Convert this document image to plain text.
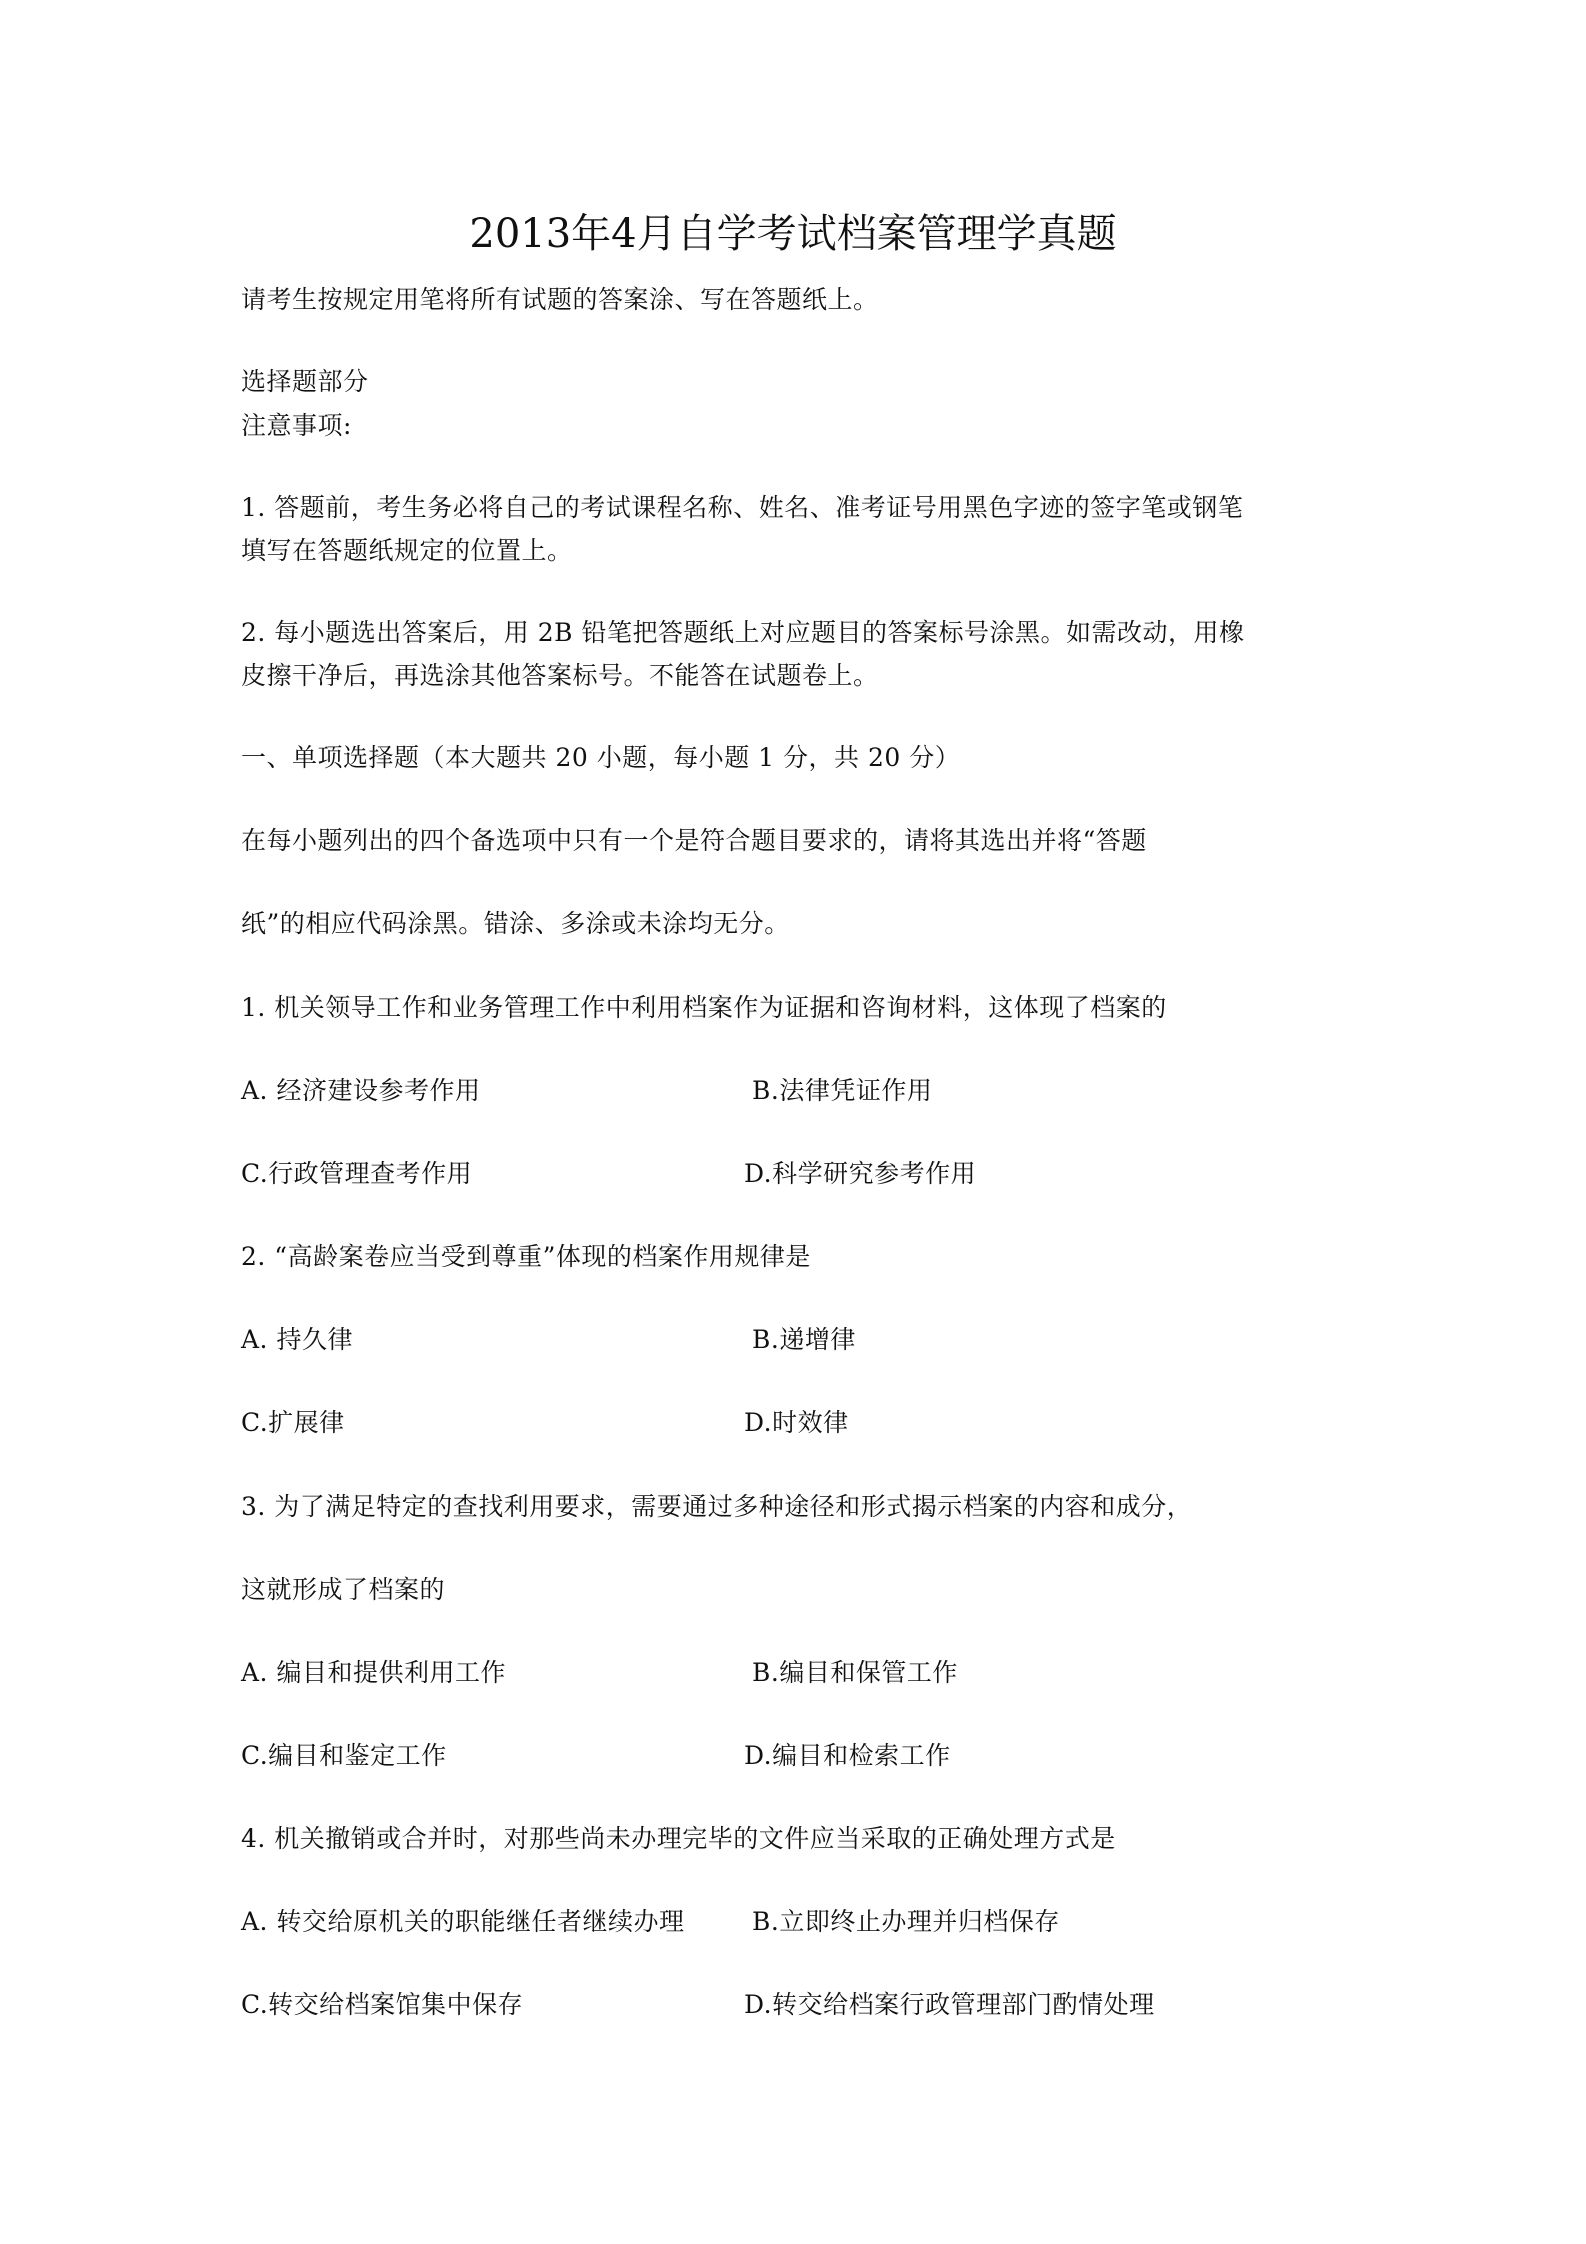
2013年4月自学考试档案管理学真题
请考生按规定用笔将所有试题的答案涂、写在答题纸上。
选择题部分
注意事项:
1. 答题前，考生务必将自己的考试课程名称、姓名、准考证号用黑色字迹的签字笔或钢笔
填写在答题纸规定的位置上。
2. 每小题选出答案后，用 2B 铅笔把答题纸上对应题目的答案标号涂黑。如需改动，用橡
皮擦干净后，再选涂其他答案标号。不能答在试题卷上。
一、单项选择题（本大题共 20 小题，每小题 1 分，共 20 分）
在每小题列出的四个备选项中只有一个是符合题目要求的，请将其选出并将“答题
纸”的相应代码涂黑。错涂、多涂或未涂均无分。
1. 机关领导工作和业务管理工作中利用档案作为证据和咨询材料，这体现了档案的
A. 经济建设参考作用	B.法律凭证作用
C.行政管理查考作用	D.科学研究参考作用
2. “高龄案卷应当受到尊重”体现的档案作用规律是
A. 持久律	B.递增律
C.扩展律	D.时效律
3. 为了满足特定的查找利用要求，需要通过多种途径和形式揭示档案的内容和成分，
这就形成了档案的
A. 编目和提供利用工作	B.编目和保管工作
C.编目和鉴定工作	D.编目和检索工作
4. 机关撤销或合并时，对那些尚未办理完毕的文件应当采取的正确处理方式是
A. 转交给原机关的职能继任者继续办理	B.立即终止办理并归档保存
C.转交给档案馆集中保存	D.转交给档案行政管理部门酌情处理
